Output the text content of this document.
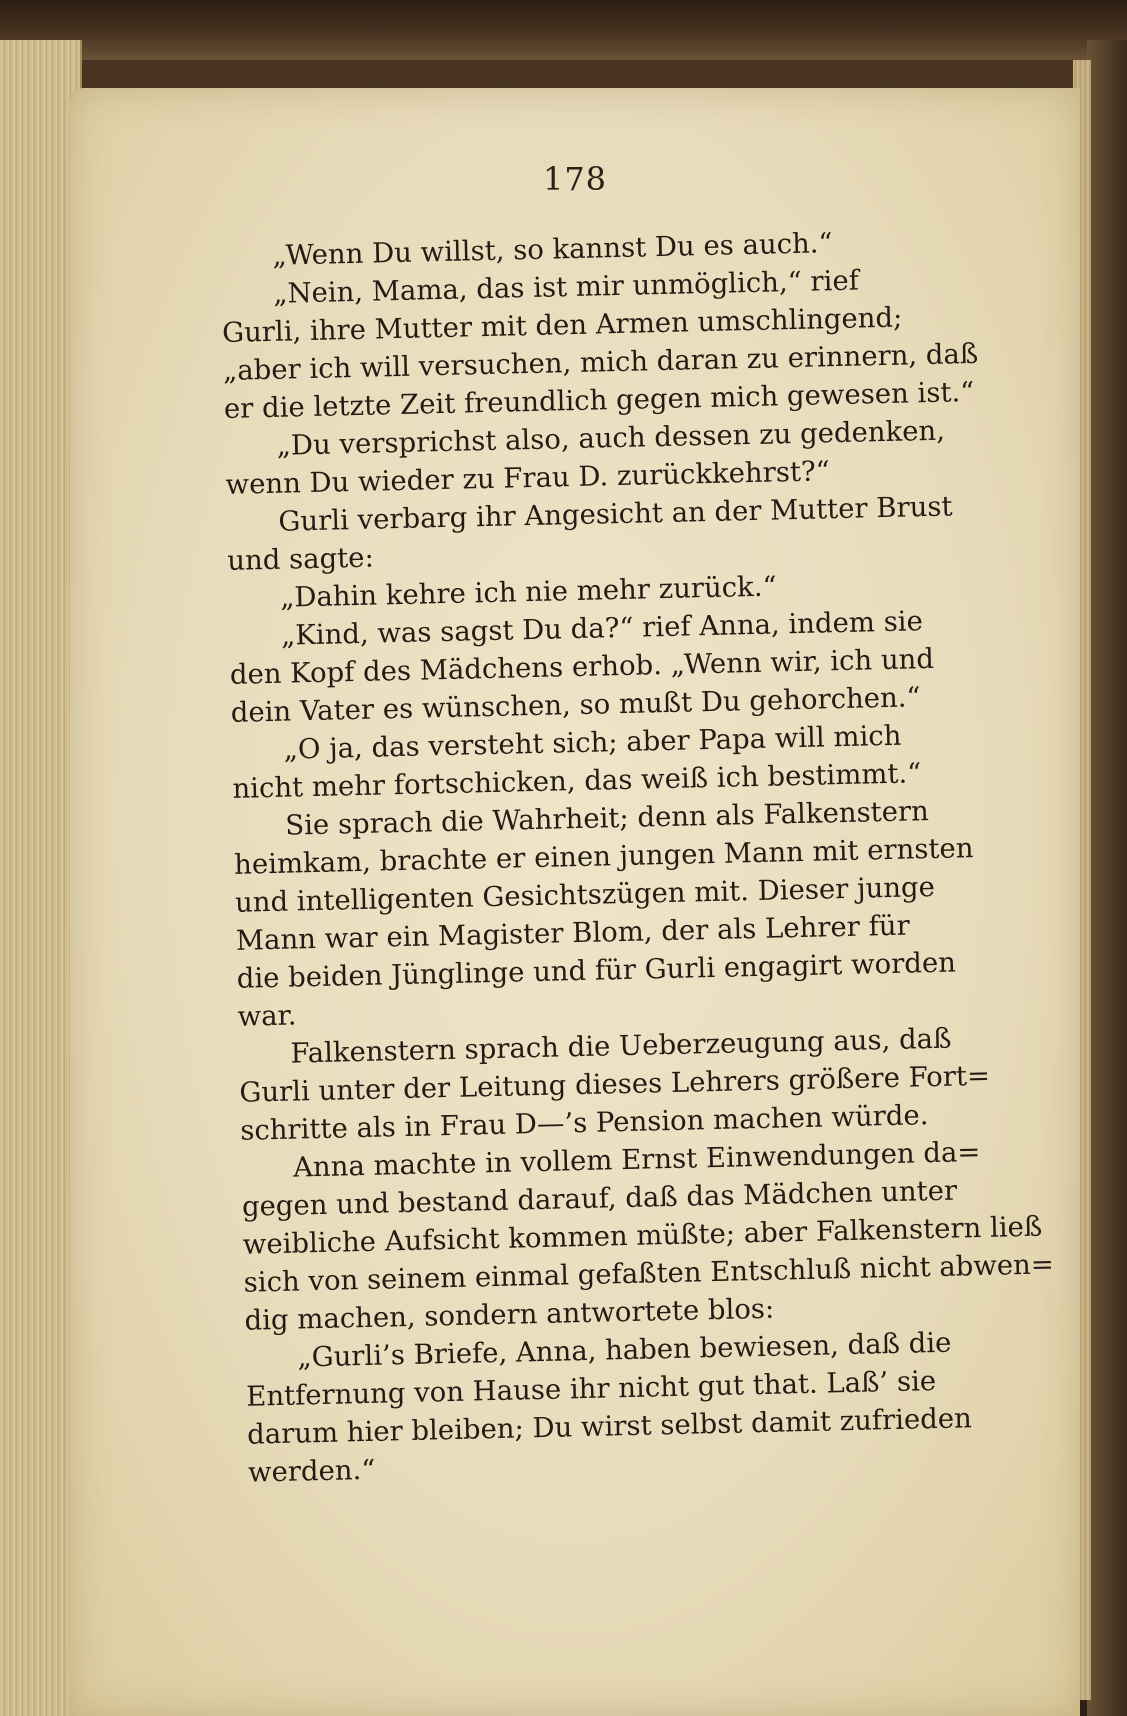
178
„Wenn Du willst, so kannst Du es auch.“
„Nein, Mama, das ist mir unmöglich,“ rief
Gurli, ihre Mutter mit den Armen umschlingend;
„aber ich will versuchen, mich daran zu erinnern, daß
er die letzte Zeit freundlich gegen mich gewesen ist.“
„Du versprichst also, auch dessen zu gedenken,
wenn Du wieder zu Frau D. zurückkehrst?“
Gurli verbarg ihr Angesicht an der Mutter Brust
und sagte:
„Dahin kehre ich nie mehr zurück.“
„Kind, was sagst Du da?“ rief Anna, indem sie
den Kopf des Mädchens erhob. „Wenn wir, ich und
dein Vater es wünschen, so mußt Du gehorchen.“
„O ja, das versteht sich; aber Papa will mich
nicht mehr fortschicken, das weiß ich bestimmt.“
Sie sprach die Wahrheit; denn als Falkenstern
heimkam, brachte er einen jungen Mann mit ernsten
und intelligenten Gesichtszügen mit. Dieser junge
Mann war ein Magister Blom, der als Lehrer für
die beiden Jünglinge und für Gurli engagirt worden
war.
Falkenstern sprach die Ueberzeugung aus, daß
Gurli unter der Leitung dieses Lehrers größere Fort=
schritte als in Frau D—’s Pension machen würde.
Anna machte in vollem Ernst Einwendungen da=
gegen und bestand darauf, daß das Mädchen unter
weibliche Aufsicht kommen müßte; aber Falkenstern ließ
sich von seinem einmal gefaßten Entschluß nicht abwen=
dig machen, sondern antwortete blos:
„Gurli’s Briefe, Anna, haben bewiesen, daß die
Entfernung von Hause ihr nicht gut that. Laß’ sie
darum hier bleiben; Du wirst selbst damit zufrieden
werden.“
